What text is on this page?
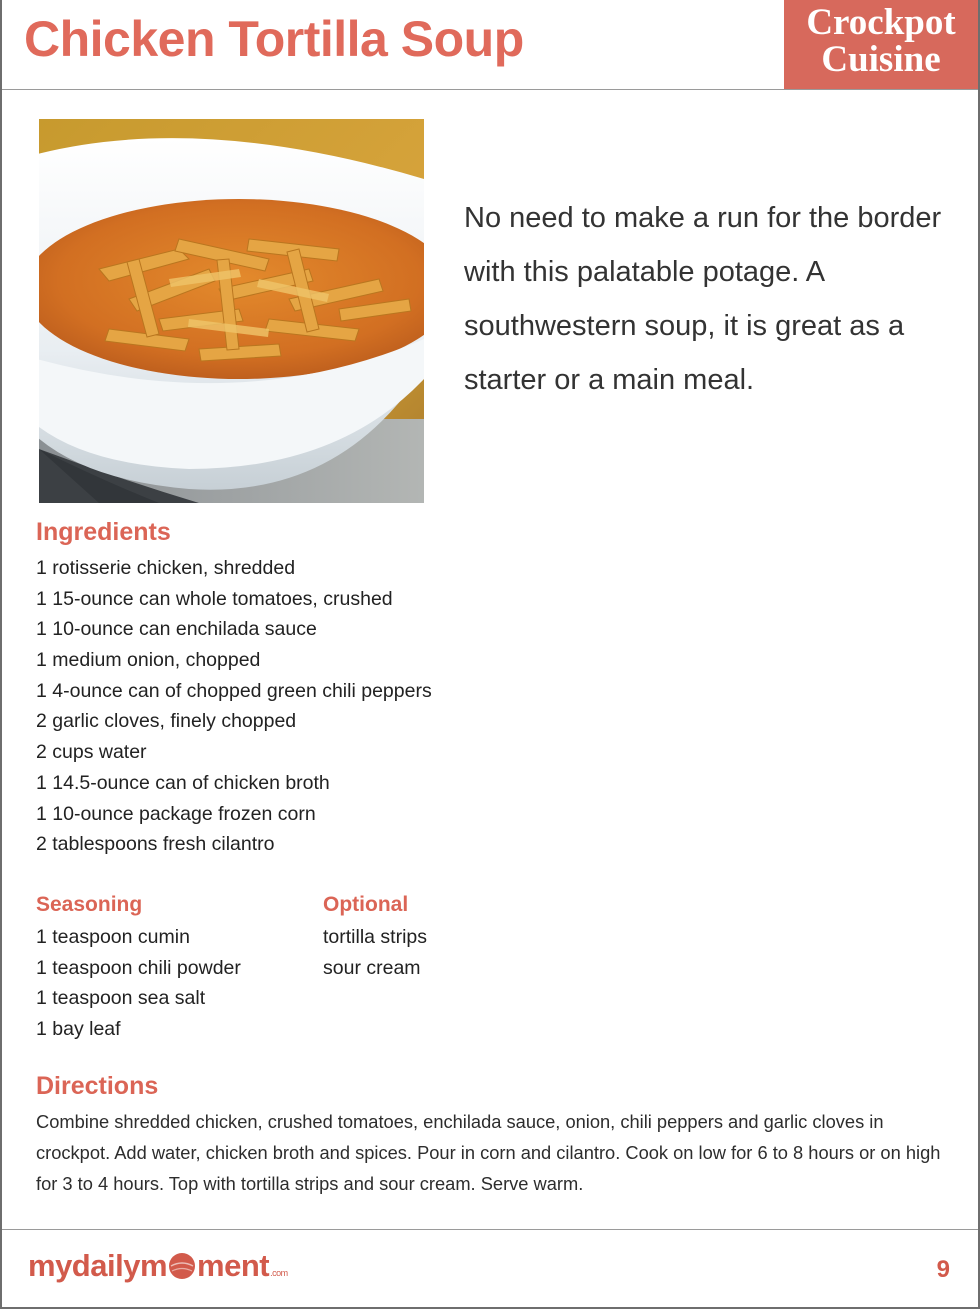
Chicken Tortilla Soup	Crockpot
Cuisine
No need to make a run for the border with this palatable potage. A southwestern soup, it is great as a starter or a main meal.
Ingredients
1 rotisserie chicken, shredded
1 15-ounce can whole tomatoes, crushed
1 10-ounce can enchilada sauce
1 medium onion, chopped
1 4-ounce can of chopped green chili peppers
2 garlic cloves, finely chopped
2 cups water
1 14.5-ounce can of chicken broth
1 10-ounce package frozen corn
2 tablespoons fresh cilantro
Seasoning
1 teaspoon cumin
1 teaspoon chili powder
1 teaspoon sea salt
1 bay leaf
Optional
tortilla strips
sour cream
Directions
Combine shredded chicken, crushed tomatoes, enchilada sauce, onion, chili peppers and garlic cloves in crockpot. Add water, chicken broth and spices. Pour in corn and cilantro. Cook on low for 6 to 8 hours or on high for 3 to 4 hours. Top with tortilla strips and sour cream. Serve warm.
mydailym ment .com	9
